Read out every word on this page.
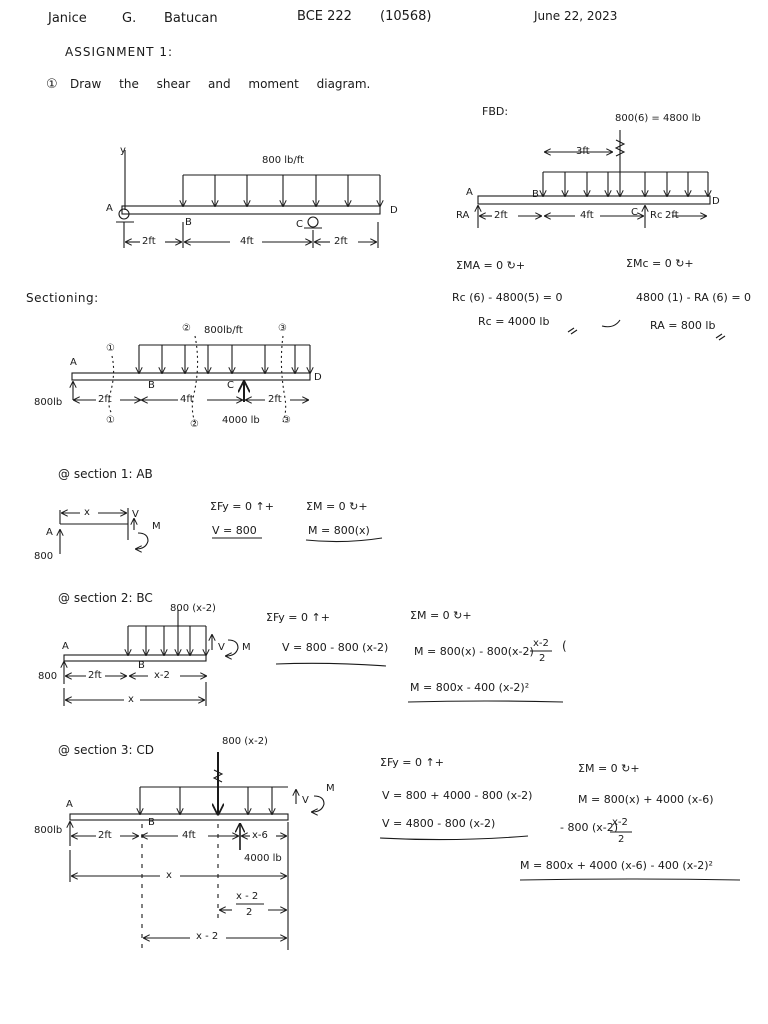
Janice	G. Batucan	BCE 222 (10568)	June 22, 2023
ASSIGNMENT 1:
① Draw the shear and moment diagram.
y
800 lb/ft
A
B	C
D
2ft	4ft	2ft
FBD:
800(6) = 4800 lb
3ft
A	B
C
D
RA 2ft	4ft	Rc 2ft
ΣMA = 0 ↻+
Rc (6) - 4800(5) = 0
Rc = 4000 lb
ΣMc = 0 ↻+
4800 (1) - RA (6) = 0
RA = 800 lb
Sectioning:
800lb/ft
②	③
①
A
B	C
D
800lb	2ft	4ft	2ft
4000 lb
①	②	③
@ section 1: AB
x	V
M
A
800
ΣFy = 0 ↑+
V = 800
ΣM = 0 ↻+
M = 800(x)
@ section 2: BC
800 (x-2)
A
B
V M
800	2ft	x-2
x
ΣFy = 0 ↑+
V = 800 - 800 (x-2)
ΣM = 0 ↻+
M = 800(x) - 800(x-2) (
x-2
2
M = 800x - 400 (x-2)²
@ section 3: CD
800 (x-2)
A
B
V
M
800lb	2ft	4ft	x-6
4000 lb
x
x - 2
2
x - 2
ΣFy = 0 ↑+
V = 800 + 4000 - 800 (x-2)
V = 4800 - 800 (x-2)
ΣM = 0 ↻+
M = 800(x) + 4000 (x-6)
- 800 (x-2)
x-2
2
M = 800x + 4000 (x-6) - 400 (x-2)²
